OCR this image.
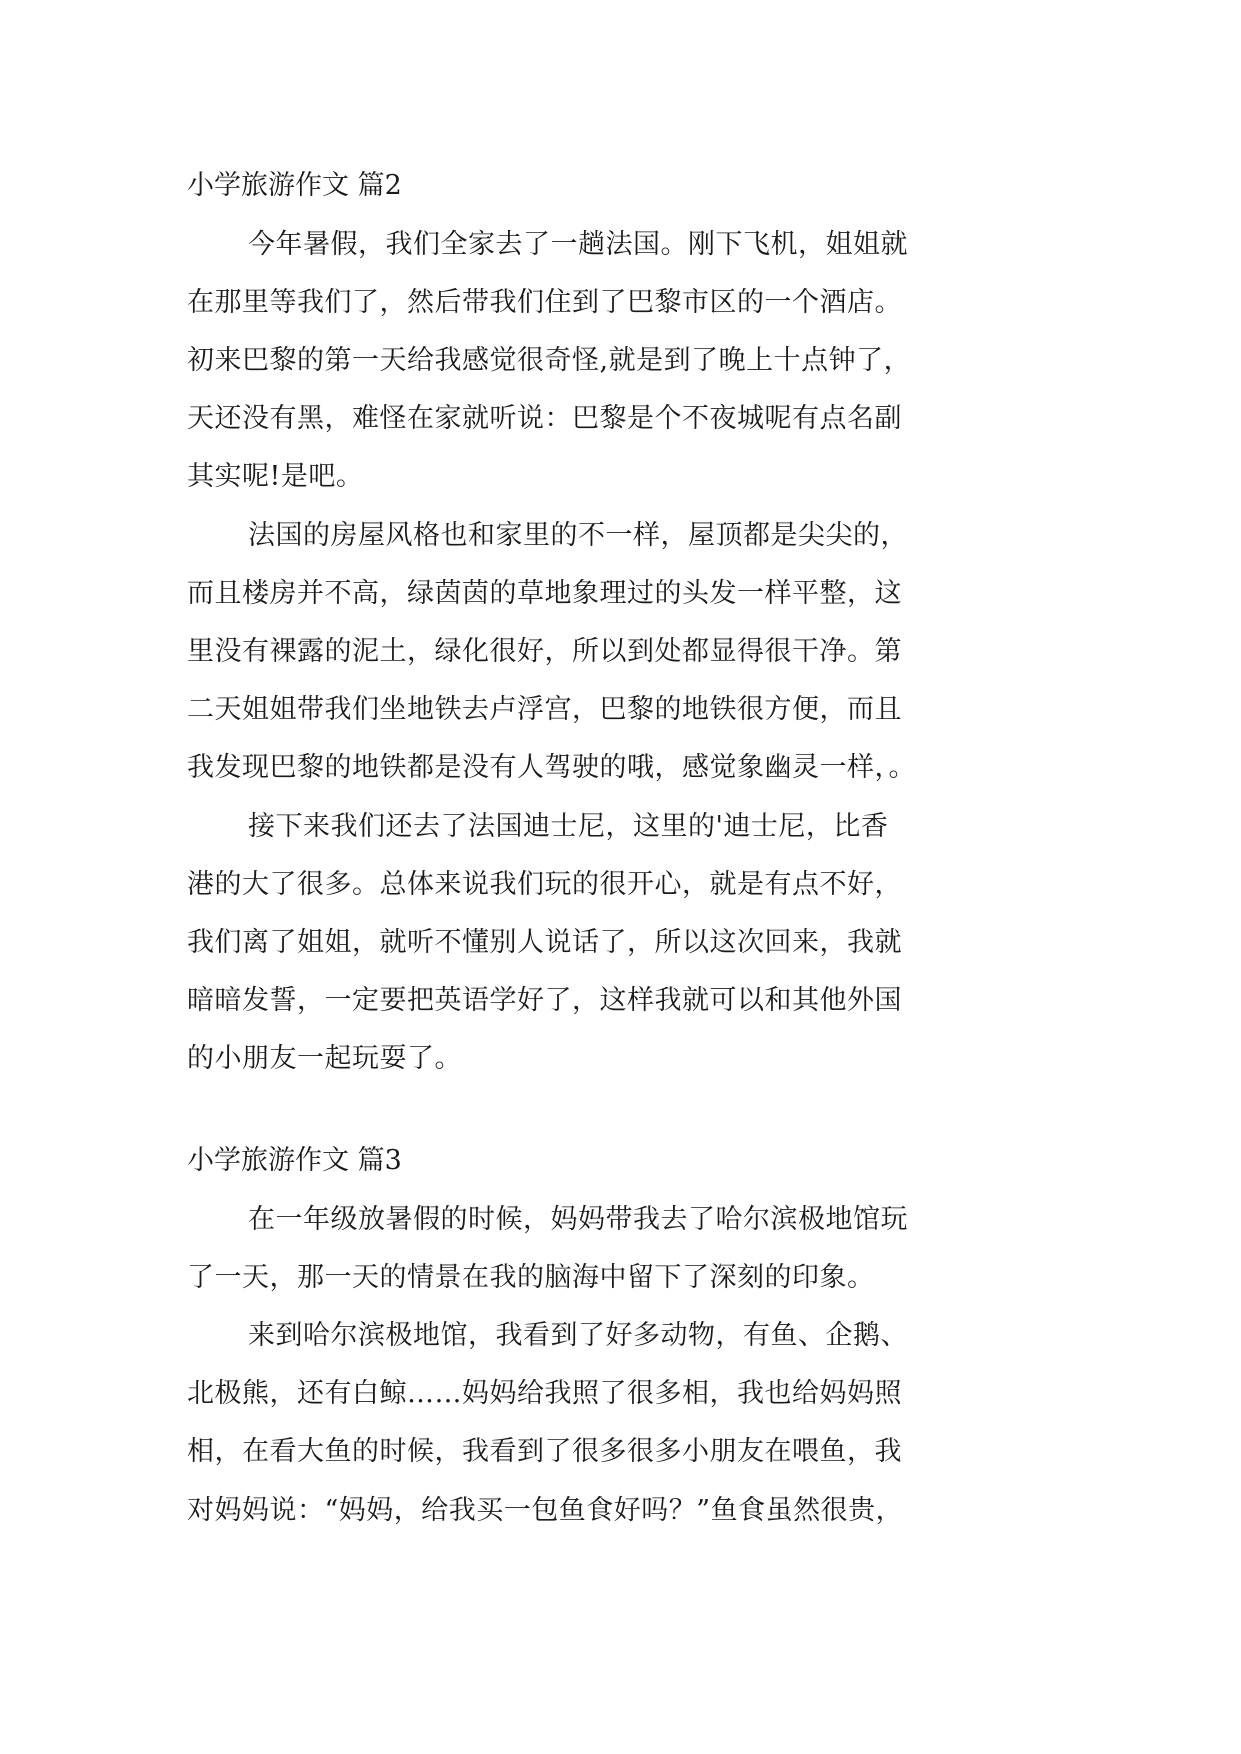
小学旅游作文 篇2

今年暑假，我们全家去了一趟法国。刚下飞机，姐姐就

在那里等我们了，然后带我们住到了巴黎市区的一个酒店。

初来巴黎的第一天给我感觉很奇怪,就是到了晚上十点钟了，

天还没有黑，难怪在家就听说：巴黎是个不夜城呢有点名副

其实呢!是吧。

法国的房屋风格也和家里的不一样，屋顶都是尖尖的，

而且楼房并不高，绿茵茵的草地象理过的头发一样平整，这

里没有裸露的泥土，绿化很好，所以到处都显得很干净。第

二天姐姐带我们坐地铁去卢浮宫，巴黎的地铁很方便，而且

我发现巴黎的地铁都是没有人驾驶的哦，感觉象幽灵一样，。

接下来我们还去了法国迪士尼，这里的'迪士尼，比香

港的大了很多。总体来说我们玩的很开心，就是有点不好，

我们离了姐姐，就听不懂别人说话了，所以这次回来，我就

暗暗发誓，一定要把英语学好了，这样我就可以和其他外国

的小朋友一起玩耍了。

小学旅游作文 篇3

在一年级放暑假的时候，妈妈带我去了哈尔滨极地馆玩

了一天，那一天的情景在我的脑海中留下了深刻的印象。

来到哈尔滨极地馆，我看到了好多动物，有鱼、企鹅、

北极熊，还有白鲸……妈妈给我照了很多相，我也给妈妈照

相，在看大鱼的时候，我看到了很多很多小朋友在喂鱼，我

对妈妈说：“妈妈，给我买一包鱼食好吗？”鱼食虽然很贵，
